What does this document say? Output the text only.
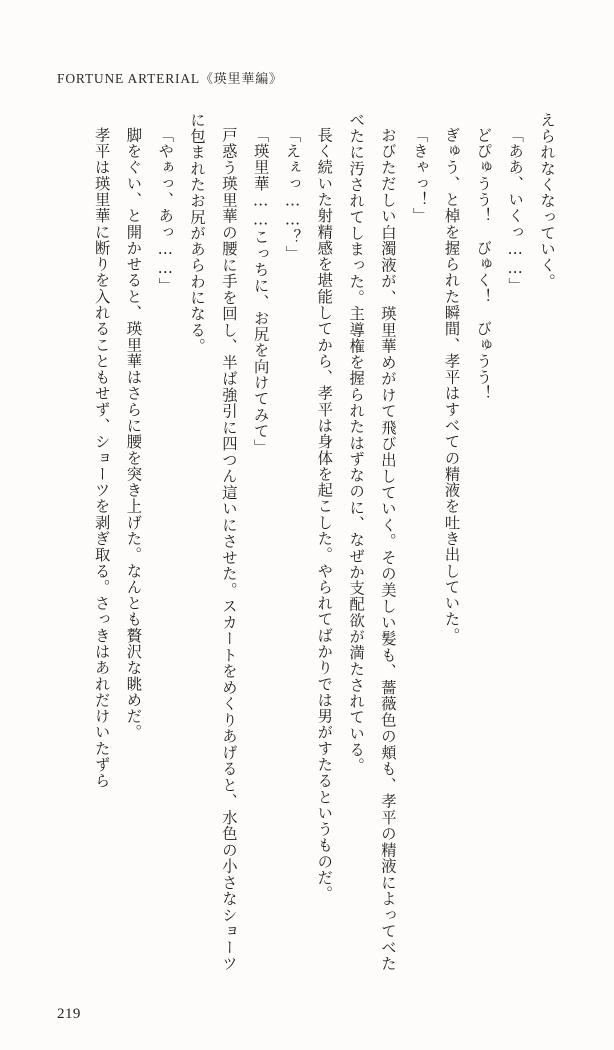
FORTUNE ARTERIAL《瑛里華編》

えられなくなっていく。

「ああ、いくっ……」

どぴゅうう！　びゅく！　びゅうう！

ぎゅう、と棹を握られた瞬間、孝平はすべての精液を吐き出していた。

「きゃっ！」

おびただしい白濁液が、瑛里華めがけて飛び出していく。その美しい髪も、薔薇色の頬も、孝平の精液によってべたべたに汚されてしまった。主導権を握られたはずなのに、なぜか支配欲が満たされている。

長く続いた射精感を堪能してから、孝平は身体を起こした。やられてばかりでは男がすたるというものだ。

「えぇっ……？」

「瑛里華……こっちに、お尻を向けてみて」

戸惑う瑛里華の腰に手を回し、半ば強引に四つん這いにさせた。スカートをめくりあげると、水色の小さなショーツに包まれたお尻があらわになる。

「やぁっ、あっ……」

脚をぐい、と開かせると、瑛里華はさらに腰を突き上げた。なんとも贅沢な眺めだ。

孝平は瑛里華に断りを入れることもせず、ショーツを剥ぎ取る。さっきはあれだけいたずら

219
